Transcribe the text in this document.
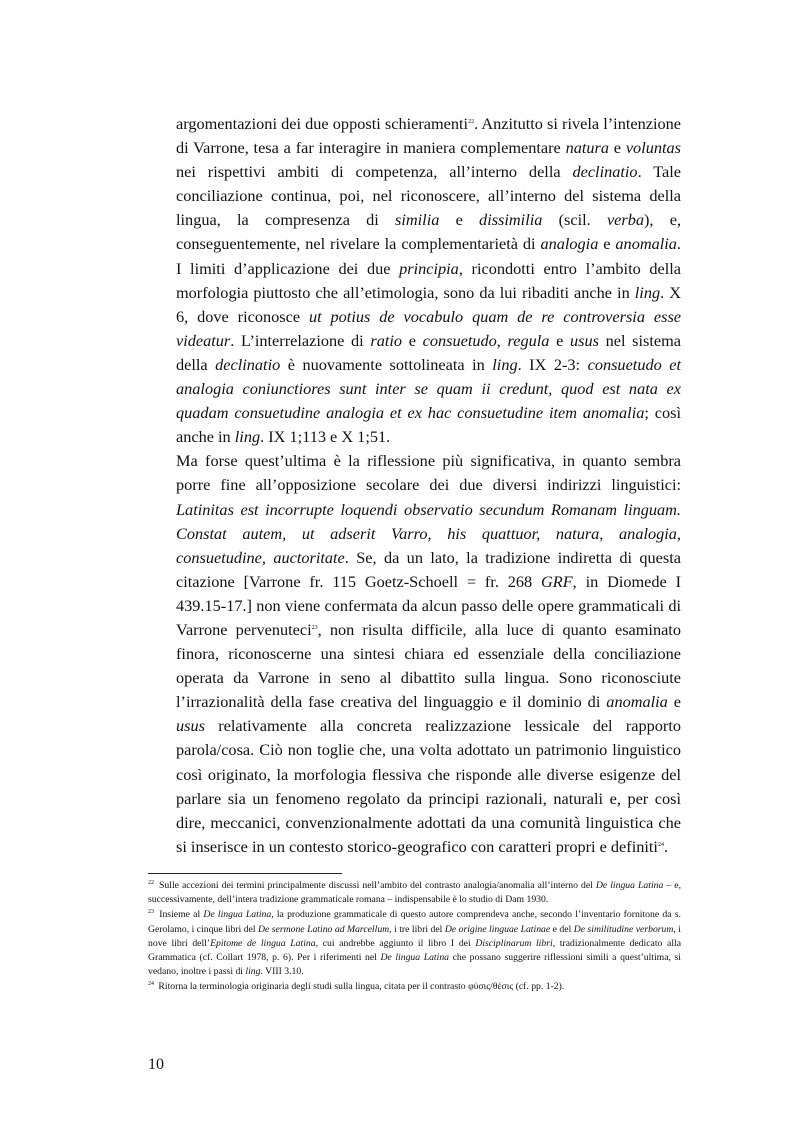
argomentazioni dei due opposti schieramenti$^{22}$. Anzitutto si rivela l’intenzione di Varrone, tesa a far interagire in maniera complementare natura e voluntas nei rispettivi ambiti di competenza, all’interno della declinatio. Tale conciliazione continua, poi, nel riconoscere, all’interno del sistema della lingua, la compresenza di similia e dissimilia (scil. verba), e, conseguentemente, nel rivelare la complementarietà di analogia e anomalia. I limiti d’applicazione dei due principia, ricondotti entro l’ambito della morfologia piuttosto che all’etimologia, sono da lui ribaditi anche in ling. X 6, dove riconosce ut potius de vocabulo quam de re controversia esse videatur. L’interrelazione di ratio e consuetudo, regula e usus nel sistema della declinatio è nuovamente sottolineata in ling. IX 2-3: consuetudo et analogia coniunctiores sunt inter se quam ii credunt, quod est nata ex quadam consuetudine analogia et ex hac consuetudine item anomalia; così anche in ling. IX 1;113 e X 1;51.

Ma forse quest’ultima è la riflessione più significativa, in quanto sembra porre fine all’opposizione secolare dei due diversi indirizzi linguistici: Latinitas est incorrupte loquendi observatio secundum Romanam linguam. Constat autem, ut adserit Varro, his quattuor, natura, analogia, consuetudine, auctoritate. Se, da un lato, la tradizione indiretta di questa citazione [Varrone fr. 115 Goetz-Schoell = fr. 268 GRF, in Diomede I 439.15-17.] non viene confermata da alcun passo delle opere grammaticali di Varrone pervenuteci$^{23}$, non risulta difficile, alla luce di quanto esaminato finora, riconoscerne una sintesi chiara ed essenziale della conciliazione operata da Varrone in seno al dibattito sulla lingua. Sono riconosciute l’irrazionalità della fase creativa del linguaggio e il dominio di anomalia e usus relativamente alla concreta realizzazione lessicale del rapporto parola/cosa. Ciò non toglie che, una volta adottato un patrimonio linguistico così originato, la morfologia flessiva che risponde alle diverse esigenze del parlare sia un fenomeno regolato da principi razionali, naturali e, per così dire, meccanici, convenzionalmente adottati da una comunità linguistica che si inserisce in un contesto storico-geografico con caratteri propri e definiti$^{24}$.

$^{22}$ Sulle accezioni dei termini principalmente discussi nell’ambito del contrasto analogia/anomalia all’interno del De lingua Latina – e, successivamente, dell’intera tradizione grammaticale romana – indispensabile è lo studio di Dam 1930.

$^{23}$ Insieme al De lingua Latina, la produzione grammaticale di questo autore comprendeva anche, secondo l’inventario fornitone da s. Gerolamo, i cinque libri del De sermone Latino ad Marcellum, i tre libri del De origine linguae Latinae e del De similitudine verborum, i nove libri dell’Epitome de lingua Latina, cui andrebbe aggiunto il libro I dei Disciplinarum libri, tradizionalmente dedicato alla Grammatica (cf. Collart 1978, p. 6). Per i riferimenti nel De lingua Latina che possano suggerire riflessioni simili a quest’ultima, si vedano, inoltre i passi di ling. VIII 3.10.

$^{24}$ Ritorna la terminologia originaria degli studi sulla lingua, citata per il contrasto φύσις/θέσις (cf. pp. 1-2).

10
